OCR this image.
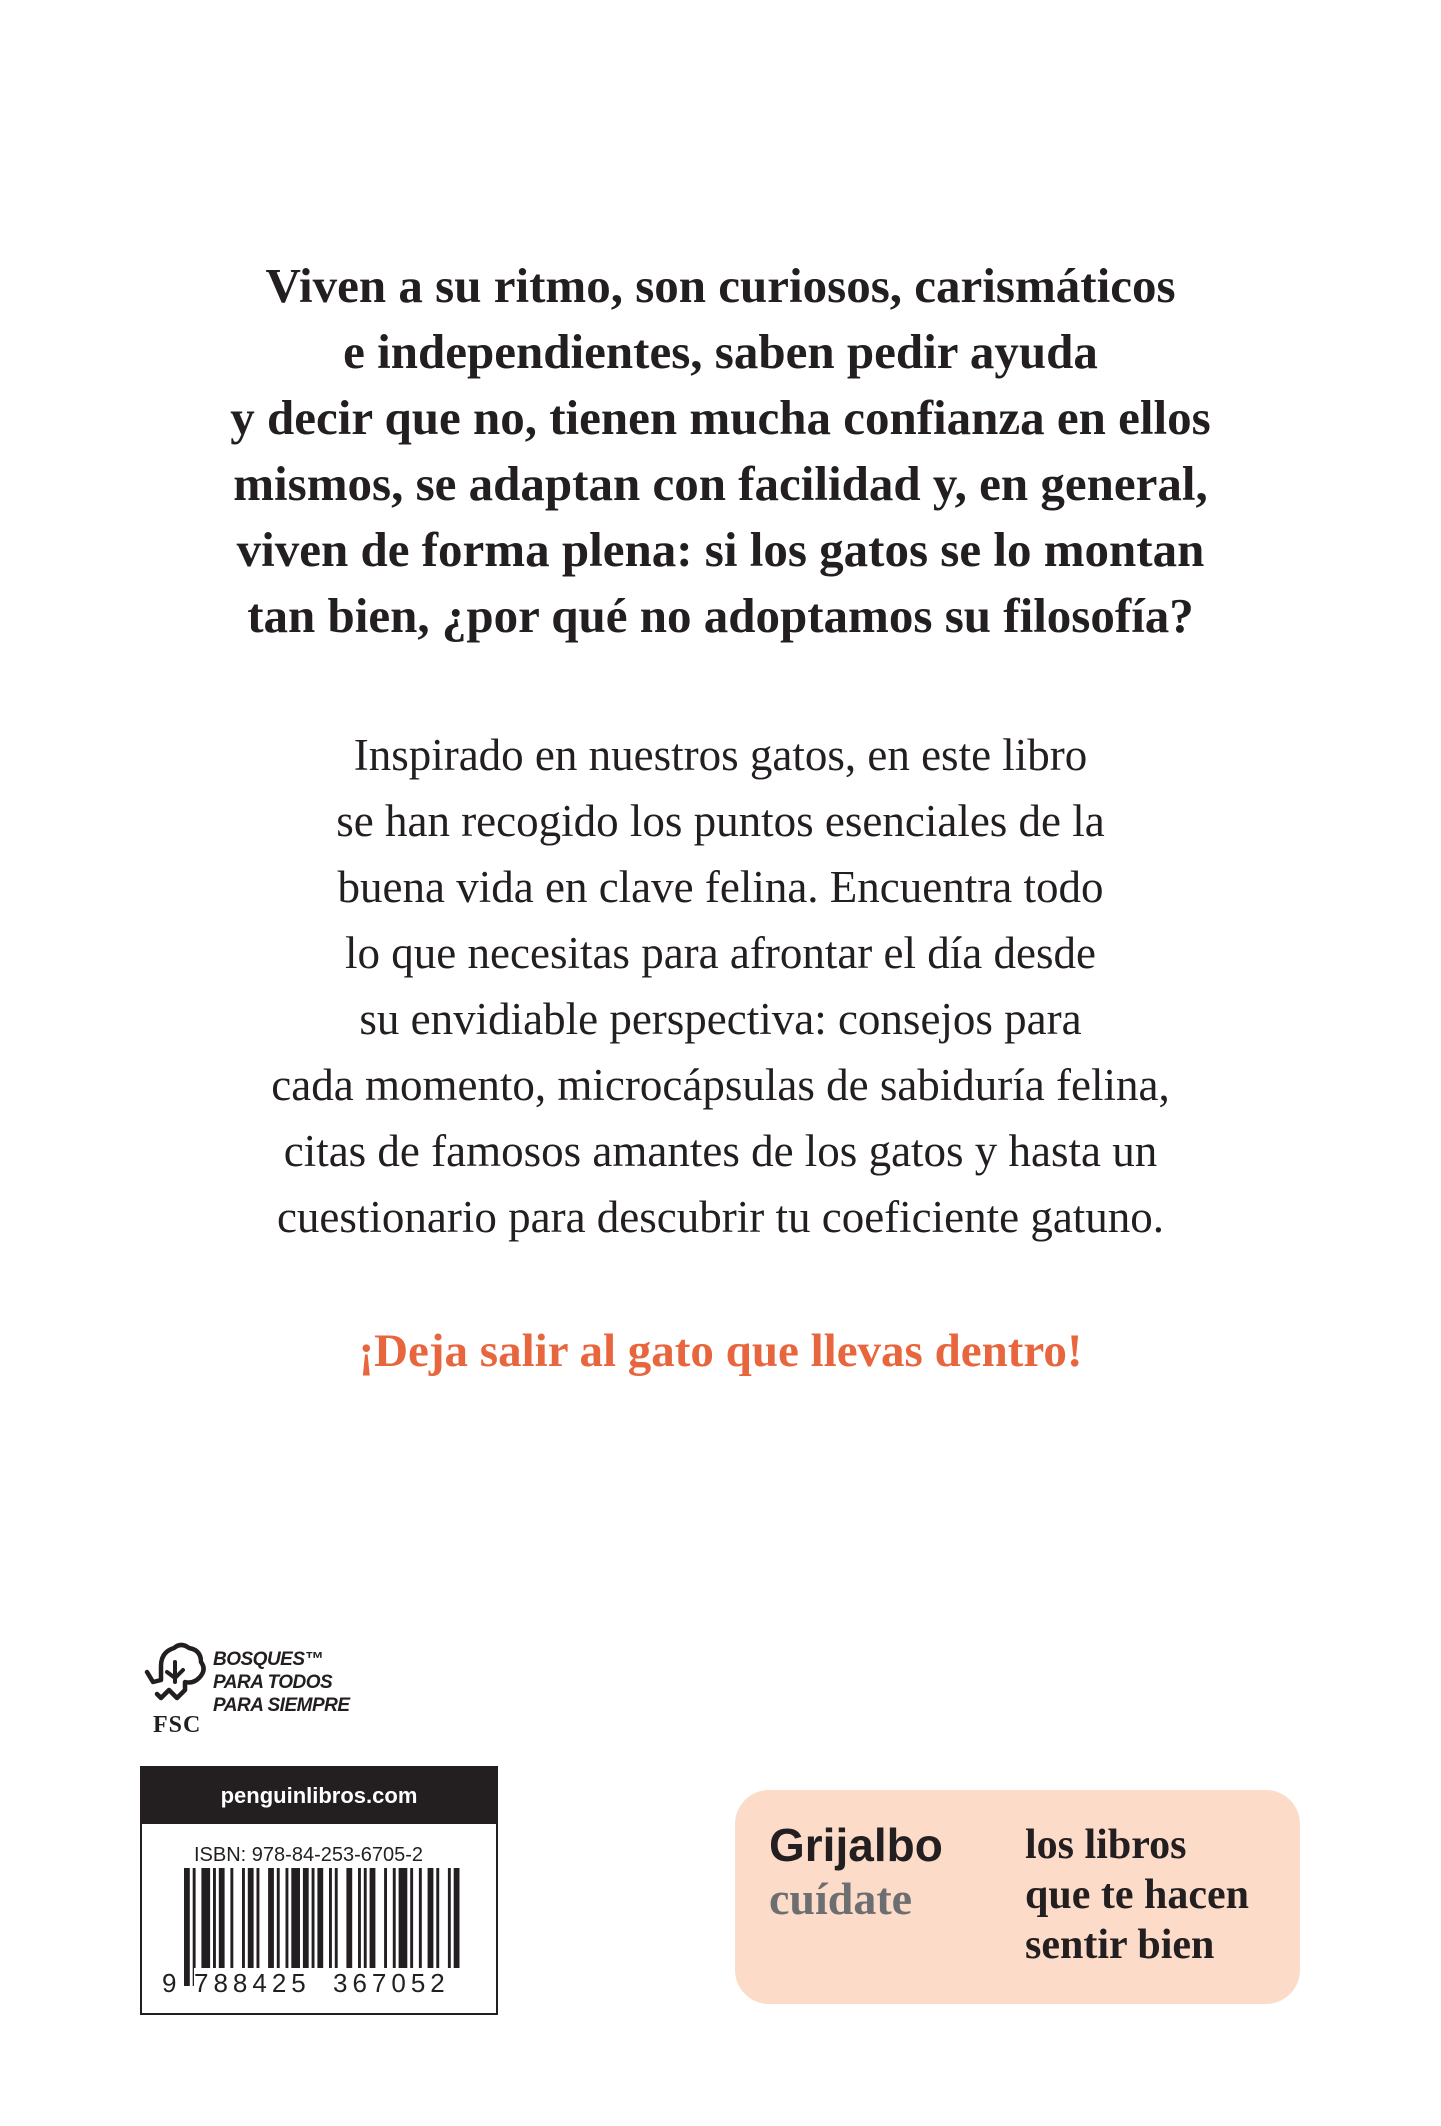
Viven a su ritmo, son curiosos, carismáticos
e independientes, saben pedir ayuda
y decir que no, tienen mucha confianza en ellos
mismos, se adaptan con facilidad y, en general,
viven de forma plena: si los gatos se lo montan
tan bien, ¿por qué no adoptamos su filosofía?
Inspirado en nuestros gatos, en este libro
se han recogido los puntos esenciales de la
buena vida en clave felina. Encuentra todo
lo que necesitas para afrontar el día desde
su envidiable perspectiva: consejos para
cada momento, microcápsulas de sabiduría felina,
citas de famosos amantes de los gatos y hasta un
cuestionario para descubrir tu coeficiente gatuno.
¡Deja salir al gato que llevas dentro!
FSC
BOSQUES™
PARA TODOS
PARA SIEMPRE
penguinlibros.com
ISBN: 978-84-253-6705-2
9 788425 367052
Grijalbo
cuídate
los libros
que te hacen
sentir bien
